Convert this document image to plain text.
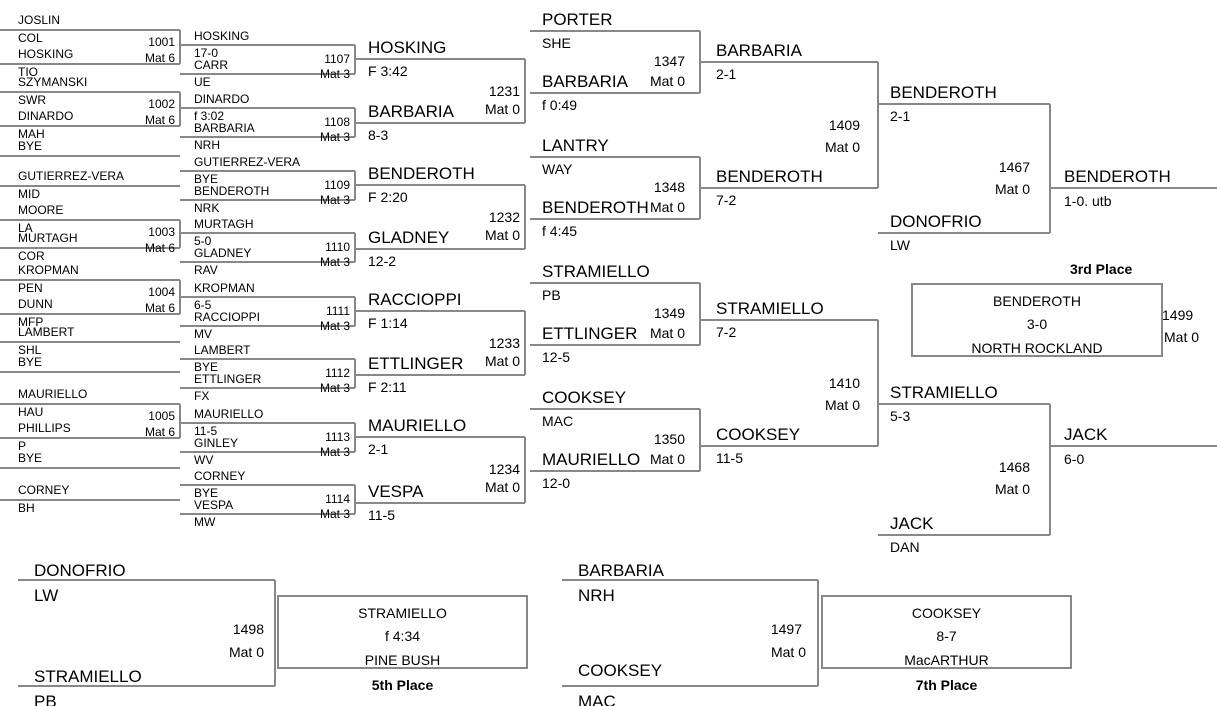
JOSLIN
COL
HOSKING
TIO
SZYMANSKI
SWR
DINARDO
MAH
BYE
GUTIERREZ-VERA
MID
MOORE
LA
MURTAGH
COR
KROPMAN
PEN
DUNN
MFP
LAMBERT
SHL
BYE
MAURIELLO
HAU
PHILLIPS
P
BYE
CORNEY
BH
1001
Mat 6
1002
Mat 6
1003
Mat 6
1004
Mat 6
1005
Mat 6
HOSKING
17-0
CARR
UE
DINARDO
f 3:02
BARBARIA
NRH
GUTIERREZ-VERA
BYE
BENDEROTH
NRK
MURTAGH
5-0
GLADNEY
RAV
KROPMAN
6-5
RACCIOPPI
MV
LAMBERT
BYE
ETTLINGER
FX
MAURIELLO
11-5
GINLEY
WV
CORNEY
BYE
VESPA
MW
1107
Mat 3
1108
Mat 3
1109
Mat 3
1110
Mat 3
1111
Mat 3
1112
Mat 3
1113
Mat 3
1114
Mat 3
HOSKING
F 3:42
BARBARIA
8-3
BENDEROTH
F 2:20
GLADNEY
12-2
RACCIOPPI
F 1:14
ETTLINGER
F 2:11
MAURIELLO
2-1
VESPA
11-5
1231
Mat 0
1232
Mat 0
1233
Mat 0
1234
Mat 0
PORTER
SHE
BARBARIA
f 0:49
LANTRY
WAY
BENDEROTH
f 4:45
STRAMIELLO
PB
ETTLINGER
12-5
COOKSEY
MAC
MAURIELLO
12-0
1347
Mat 0
1348
Mat 0
1349
Mat 0
1350
Mat 0
BARBARIA
2-1
BENDEROTH
7-2
STRAMIELLO
7-2
COOKSEY
11-5
1409
Mat 0
1410
Mat 0
BENDEROTH
2-1
DONOFRIO
LW
STRAMIELLO
5-3
JACK
DAN
1467
Mat 0
1468
Mat 0
BENDEROTH
1-0. utb
JACK
6-0
3rd Place
BENDEROTH
3-0
NORTH ROCKLAND
1499
Mat 0
DONOFRIO
LW
STRAMIELLO
PB
1498
Mat 0
STRAMIELLO
f 4:34
PINE BUSH
5th Place
BARBARIA
NRH
COOKSEY
MAC
1497
Mat 0
COOKSEY
8-7
MacARTHUR
7th Place
